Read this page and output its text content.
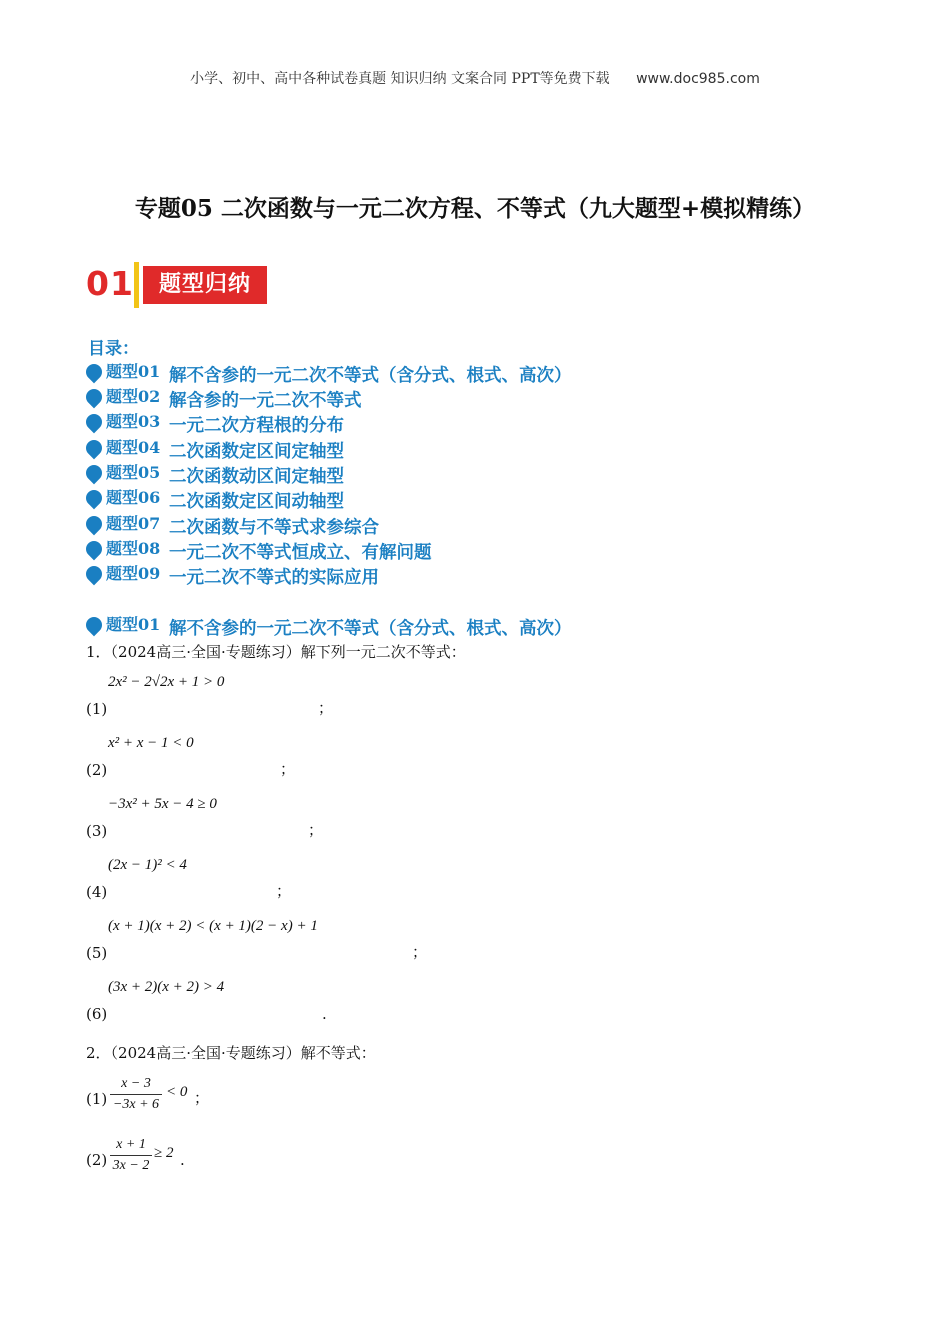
小学、初中、高中各种试卷真题 知识归纳 文案合同 PPT等免费下载 www.doc985.com
专题05 二次函数与一元二次方程、不等式（九大题型+模拟精练）
01	题型归纳
目录：
题型01 解不含参的一元二次不等式（含分式、根式、高次）
题型02 解含参的一元二次不等式
题型03 一元二次方程根的分布
题型04 二次函数定区间定轴型
题型05 二次函数动区间定轴型
题型06 二次函数定区间动轴型
题型07 二次函数与不等式求参综合
题型08 一元二次不等式恒成立、有解问题
题型09 一元二次不等式的实际应用
题型01 解不含参的一元二次不等式（含分式、根式、高次）
1．（2024高三·全国·专题练习）解下列一元二次不等式：
(1)
2x² − 2√2x + 1 > 0
；
(2)
x² + x − 1 < 0
；
(3)
−3x² + 5x − 4 ≥ 0
；
(4)
(2x − 1)² < 4
；
(5)
(x + 1)(x + 2) < (x + 1)(2 − x) + 1
；
(6)
(3x + 2)(x + 2) > 4
.
2．（2024高三·全国·专题练习）解不等式：
(1)
x − 3
−3x + 6
< 0 ；
(2)
x + 1
3x − 2
≥ 2 .
